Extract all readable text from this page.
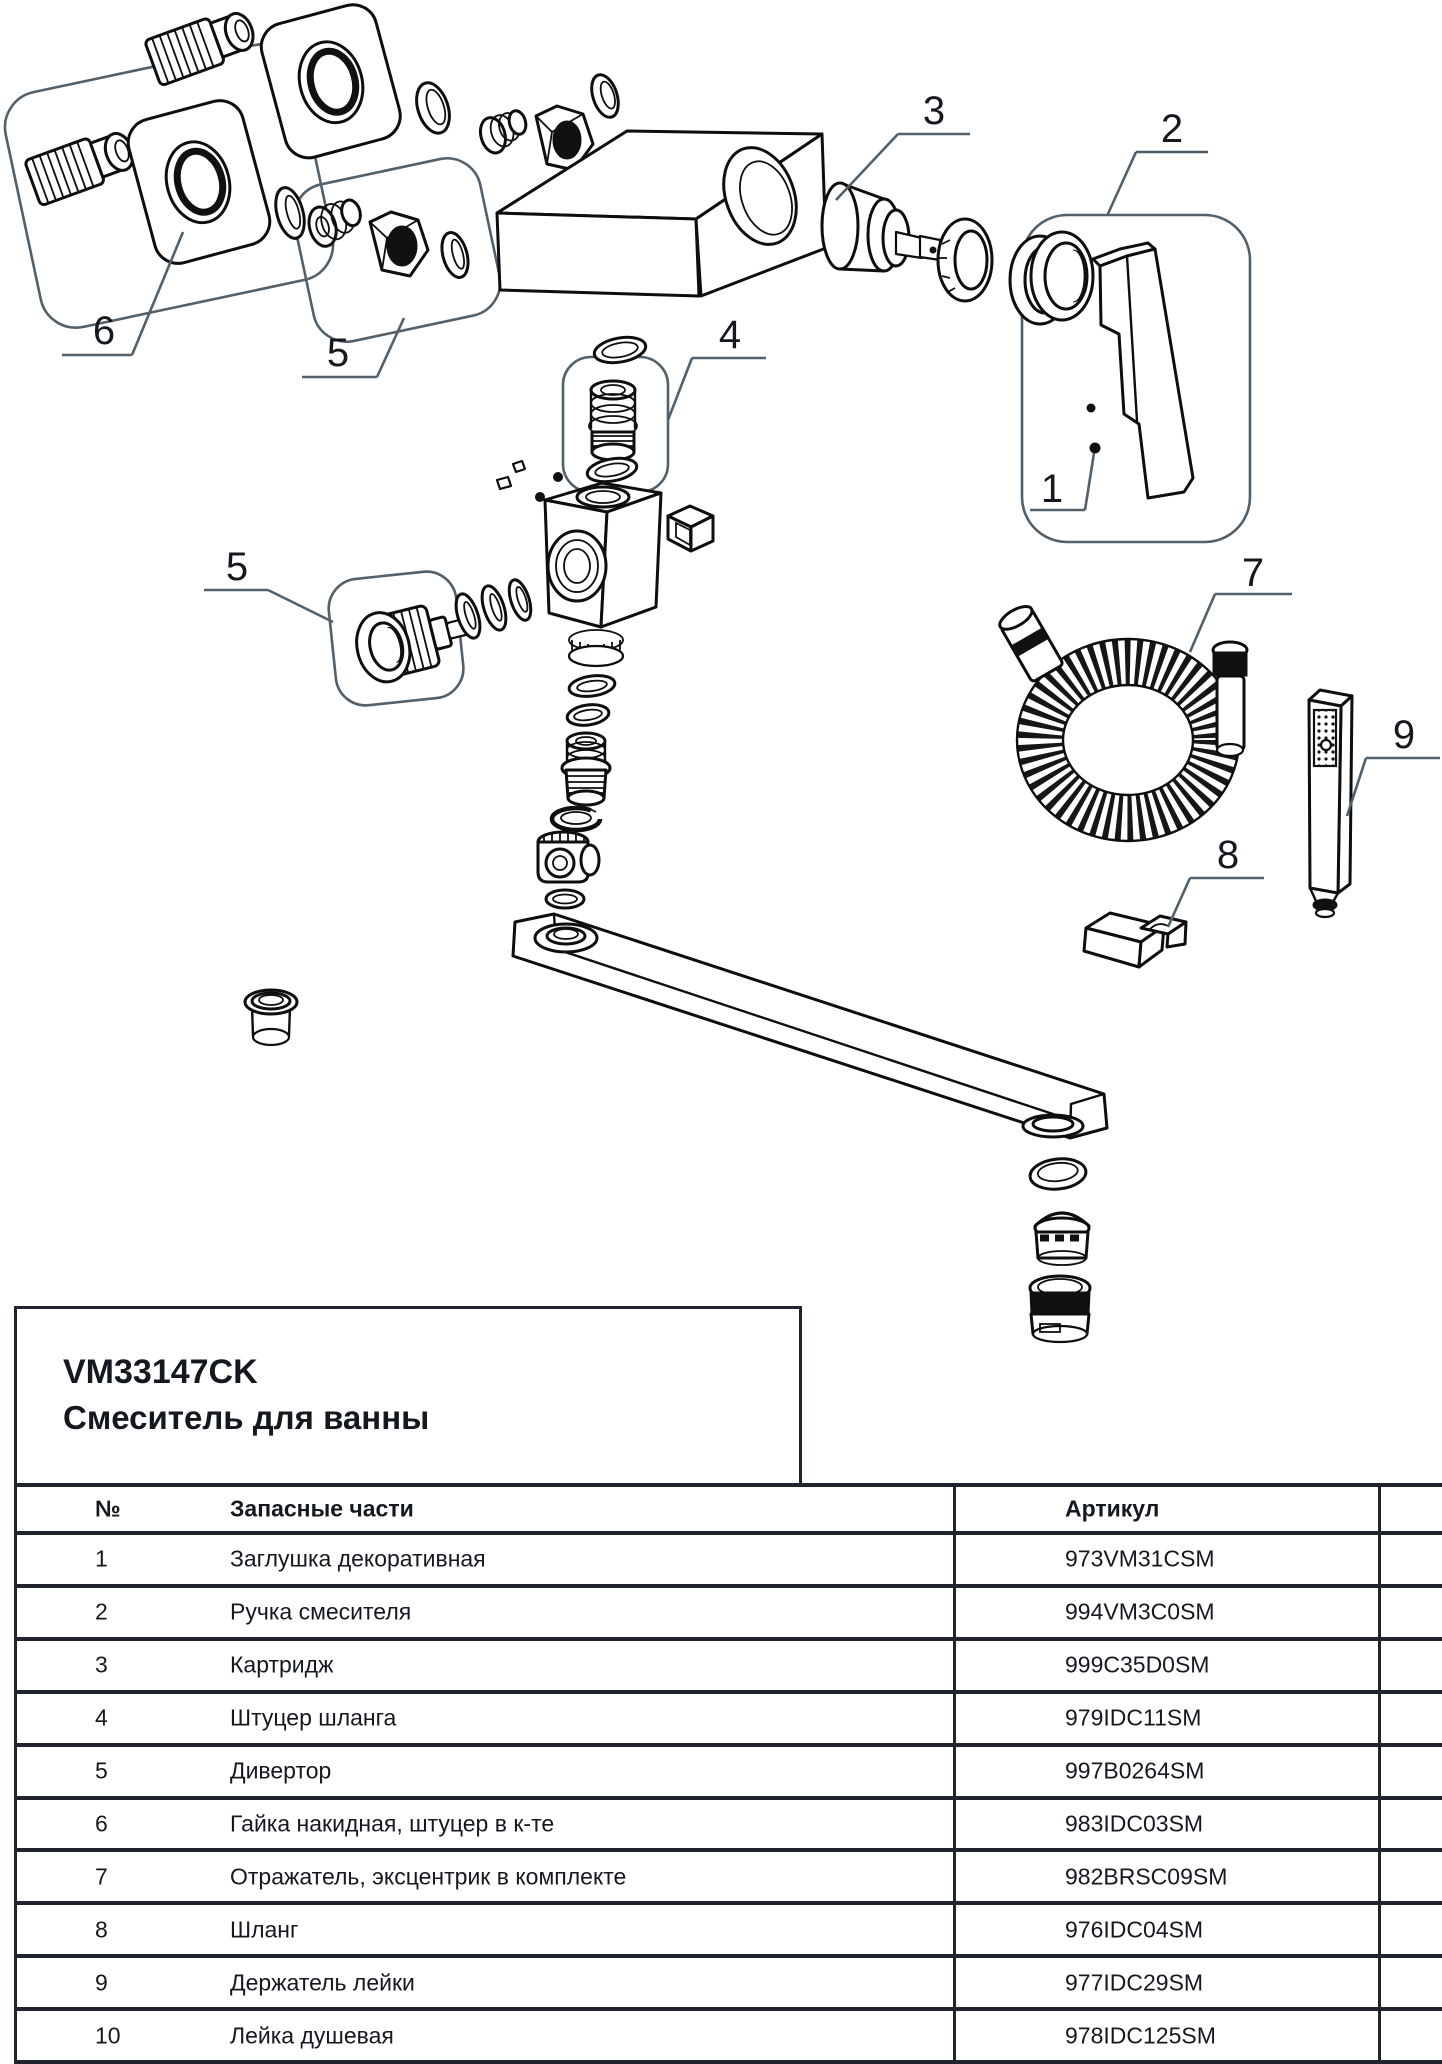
6	5
5
4
3	2
1
7
8
9
VM33147CK
Смеситель для ванны
№	Запасные части	Артикул
1	Заглушка декоративная	973VM31CSM
2	Ручка смесителя	994VM3C0SM
3	Картридж	999C35D0SM
4	Штуцер шланга	979IDC11SM
5	Дивертор	997B0264SM
6	Гайка накидная, штуцер в к-те	983IDC03SM
7	Отражатель, эксцентрик в комплекте	982BRSC09SM
8	Шланг	976IDC04SM
9	Держатель лейки	977IDC29SM
10	Лейка душевая	978IDC125SM
